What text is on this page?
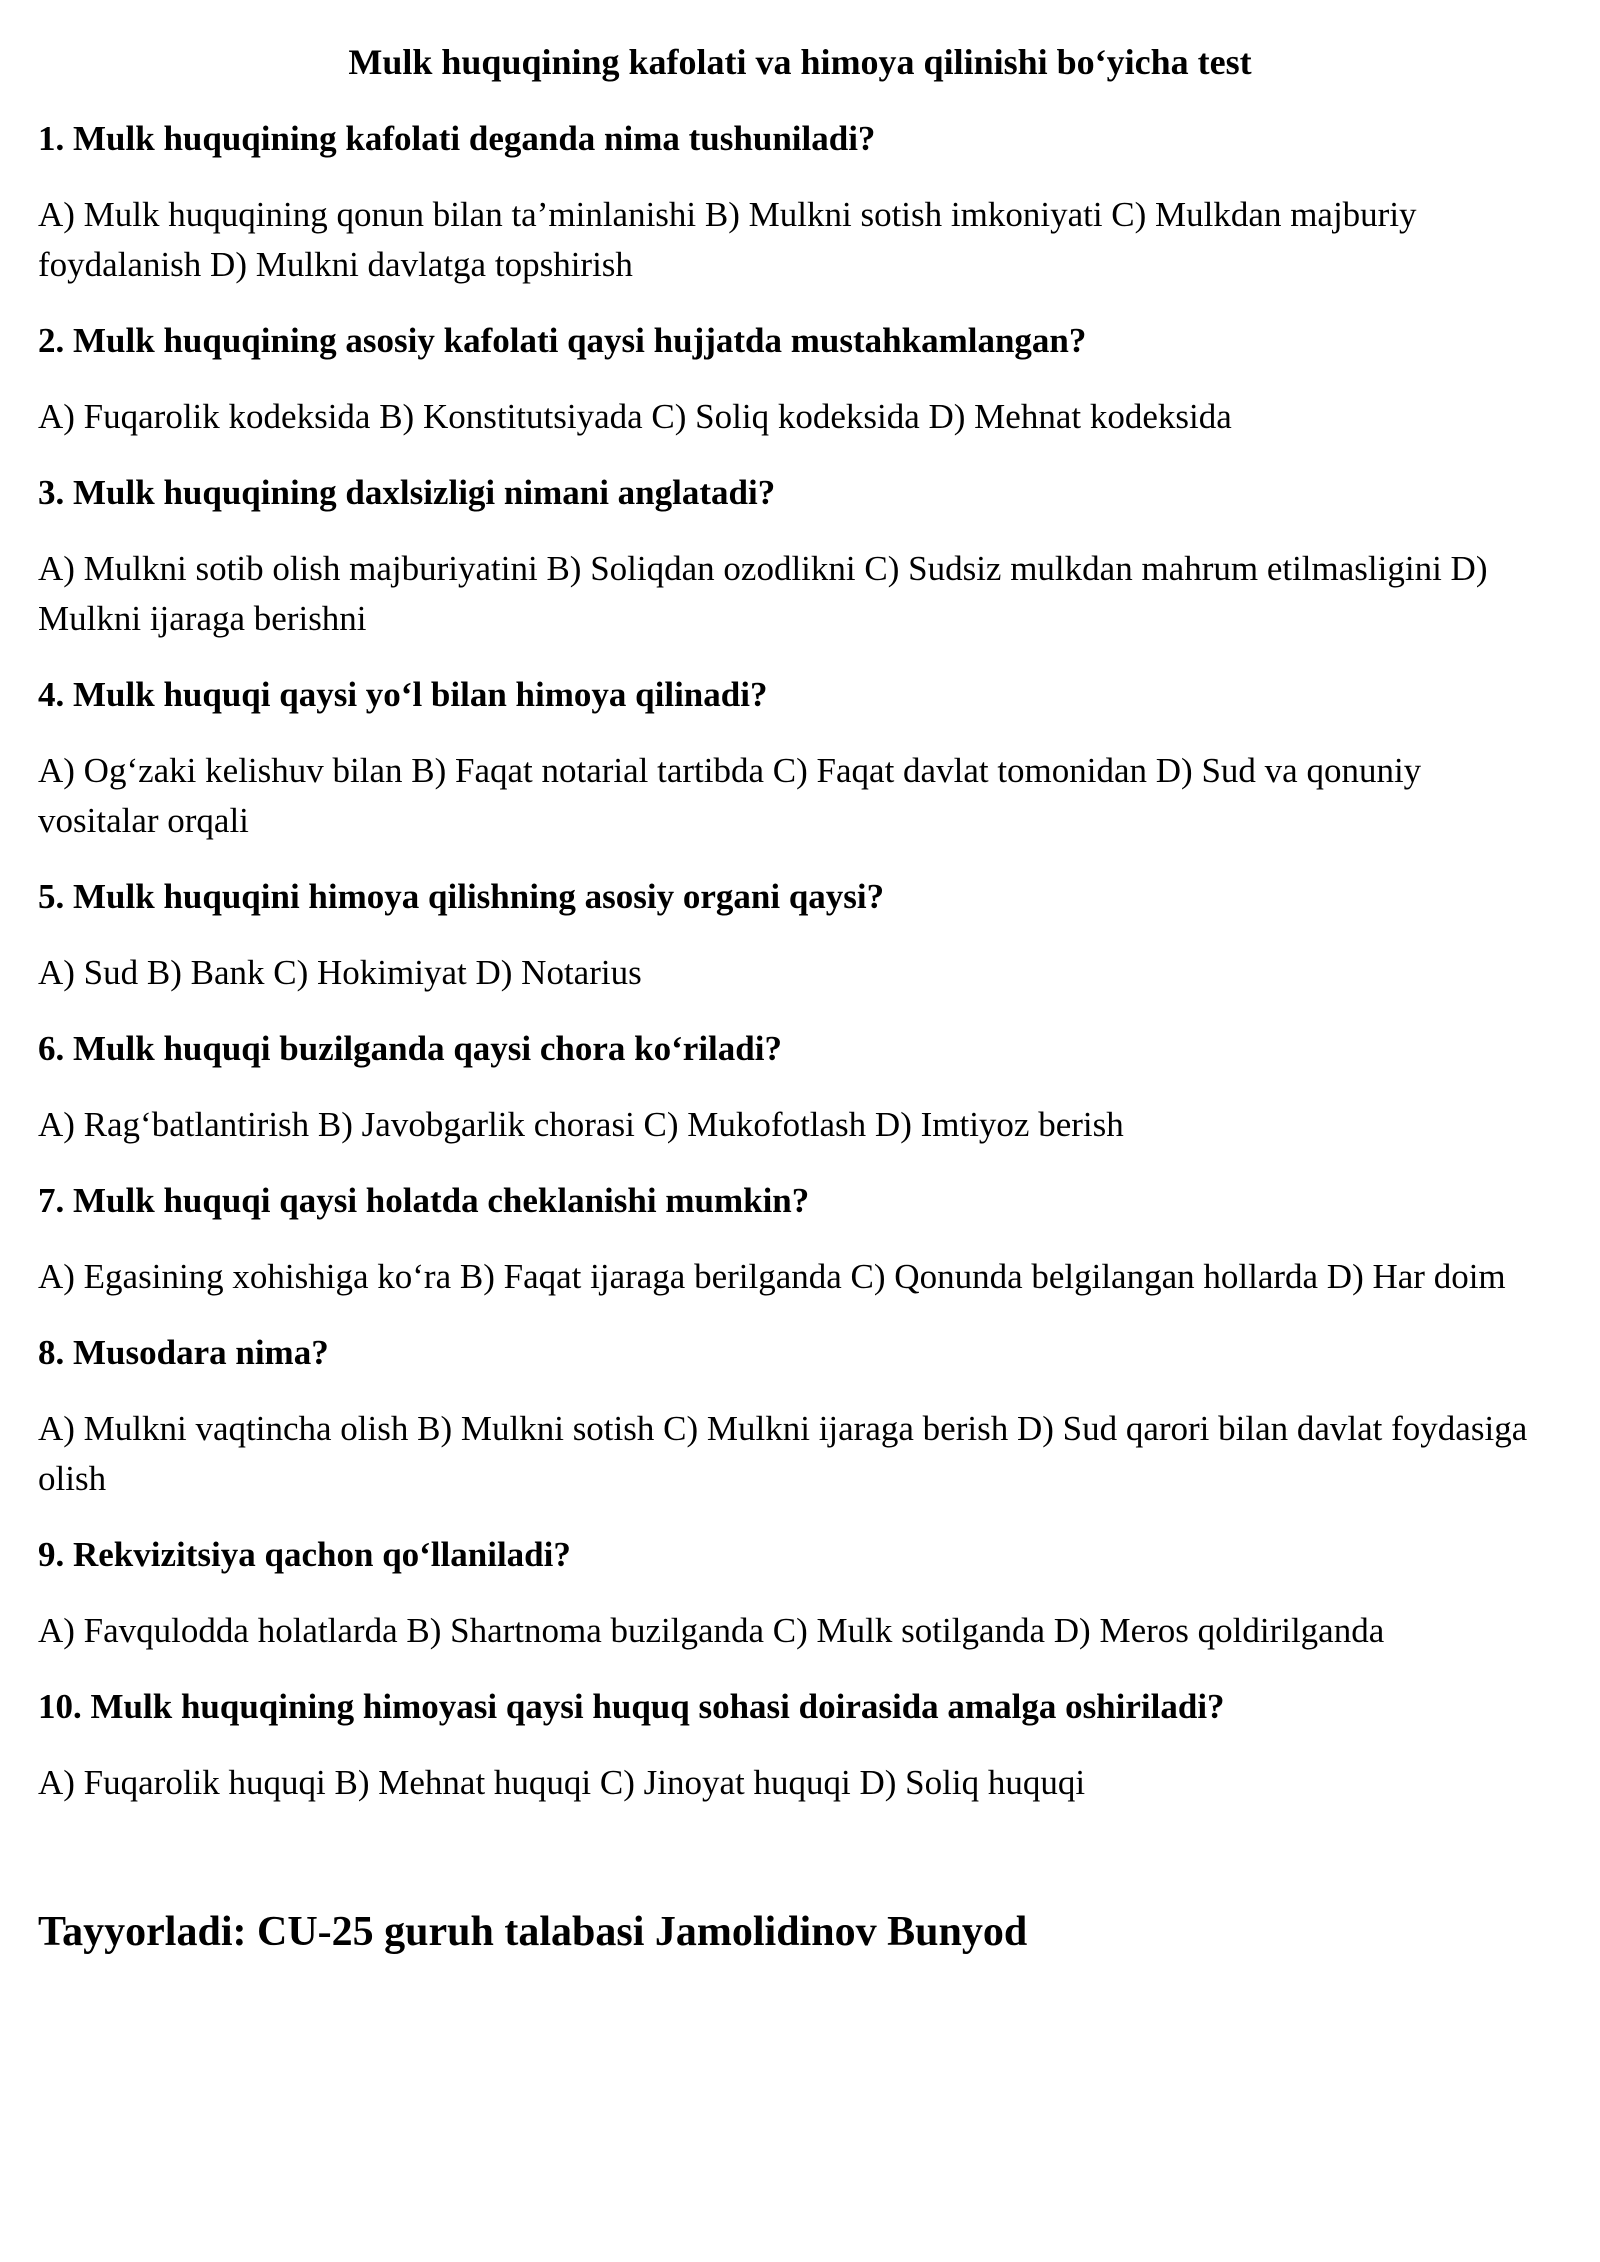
Mulk huquqining kafolati va himoya qilinishi bo‘yicha test

1. Mulk huquqining kafolati deganda nima tushuniladi?

A) Mulk huquqining qonun bilan ta’minlanishi B) Mulkni sotish imkoniyati C) Mulkdan majburiy foydalanish D) Mulkni davlatga topshirish

2. Mulk huquqining asosiy kafolati qaysi hujjatda mustahkamlangan?

A) Fuqarolik kodeksida B) Konstitutsiyada C) Soliq kodeksida D) Mehnat kodeksida

3. Mulk huquqining daxlsizligi nimani anglatadi?

A) Mulkni sotib olish majburiyatini B) Soliqdan ozodlikni C) Sudsiz mulkdan mahrum etilmasligini D) Mulkni ijaraga berishni

4. Mulk huquqi qaysi yo‘l bilan himoya qilinadi?

A) Og‘zaki kelishuv bilan B) Faqat notarial tartibda C) Faqat davlat tomonidan D) Sud va qonuniy vositalar orqali

5. Mulk huquqini himoya qilishning asosiy organi qaysi?

A) Sud B) Bank C) Hokimiyat D) Notarius

6. Mulk huquqi buzilganda qaysi chora ko‘riladi?

A) Rag‘batlantirish B) Javobgarlik chorasi C) Mukofotlash D) Imtiyoz berish

7. Mulk huquqi qaysi holatda cheklanishi mumkin?

A) Egasining xohishiga ko‘ra B) Faqat ijaraga berilganda C) Qonunda belgilangan hollarda D) Har doim

8. Musodara nima?

A) Mulkni vaqtincha olish B) Mulkni sotish C) Mulkni ijaraga berish D) Sud qarori bilan davlat foydasiga olish

9. Rekvizitsiya qachon qo‘llaniladi?

A) Favqulodda holatlarda B) Shartnoma buzilganda C) Mulk sotilganda D) Meros qoldirilganda

10. Mulk huquqining himoyasi qaysi huquq sohasi doirasida amalga oshiriladi?

A) Fuqarolik huquqi B) Mehnat huquqi C) Jinoyat huquqi D) Soliq huquqi

Tayyorladi: CU-25 guruh talabasi Jamolidinov Bunyod
